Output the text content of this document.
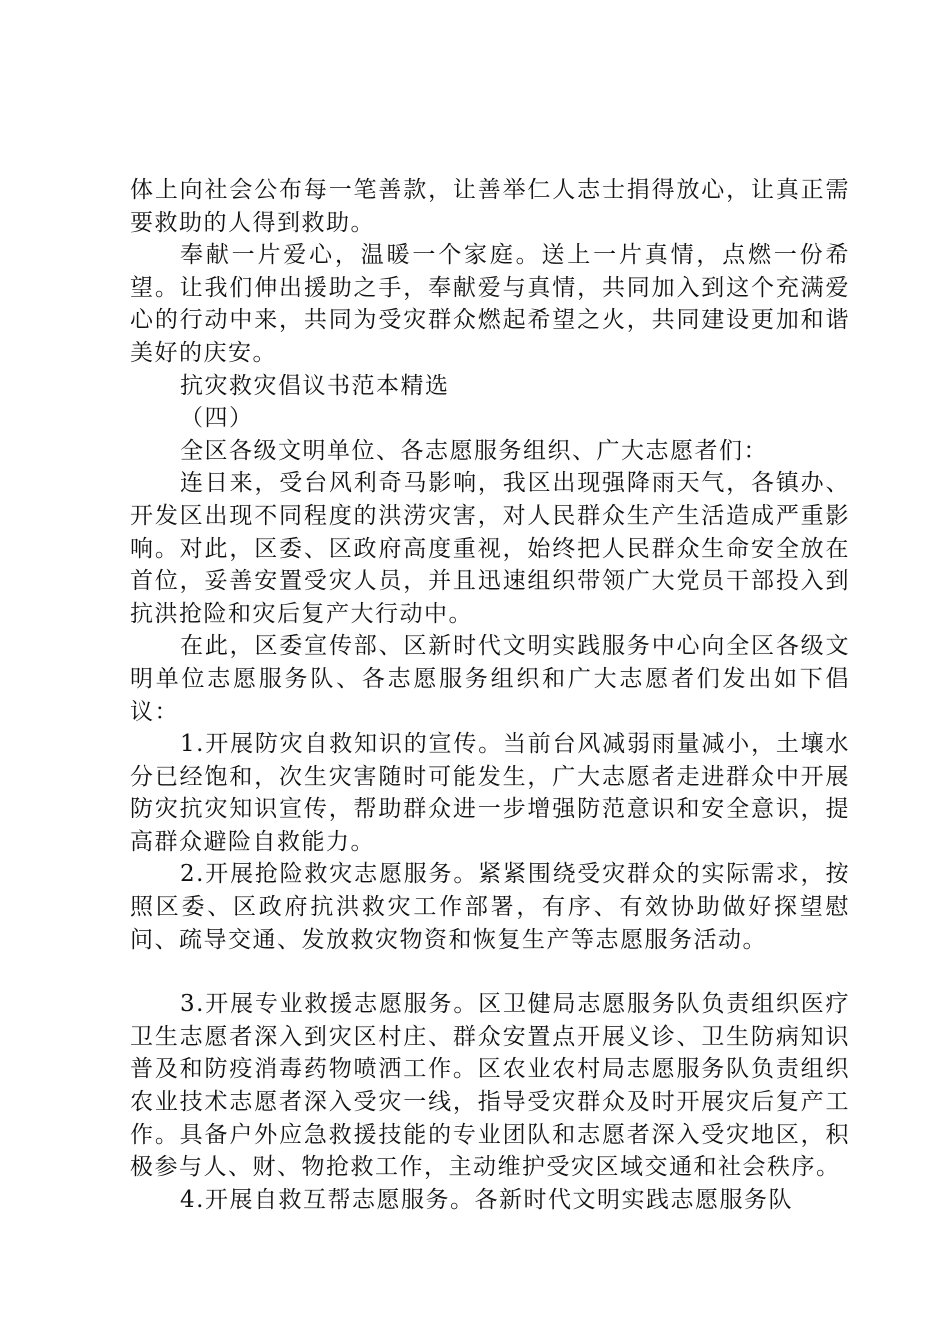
体上向社会公布每一笔善款，让善举仁人志士捐得放心，让真正需要救助的人得到救助。

奉献一片爱心，温暖一个家庭。送上一片真情，点燃一份希望。让我们伸出援助之手，奉献爱与真情，共同加入到这个充满爱心的行动中来，共同为受灾群众燃起希望之火，共同建设更加和谐美好的庆安。

抗灾救灾倡议书范本精选

（四）

全区各级文明单位、各志愿服务组织、广大志愿者们：

连日来，受台风利奇马影响，我区出现强降雨天气，各镇办、开发区出现不同程度的洪涝灾害，对人民群众生产生活造成严重影响。对此，区委、区政府高度重视，始终把人民群众生命安全放在首位，妥善安置受灾人员，并且迅速组织带领广大党员干部投入到抗洪抢险和灾后复产大行动中。

在此，区委宣传部、区新时代文明实践服务中心向全区各级文明单位志愿服务队、各志愿服务组织和广大志愿者们发出如下倡议：

1.开展防灾自救知识的宣传。当前台风减弱雨量减小，土壤水分已经饱和，次生灾害随时可能发生，广大志愿者走进群众中开展防灾抗灾知识宣传，帮助群众进一步增强防范意识和安全意识，提高群众避险自救能力。

2.开展抢险救灾志愿服务。紧紧围绕受灾群众的实际需求，按照区委、区政府抗洪救灾工作部署，有序、有效协助做好探望慰问、疏导交通、发放救灾物资和恢复生产等志愿服务活动。

3.开展专业救援志愿服务。区卫健局志愿服务队负责组织医疗卫生志愿者深入到灾区村庄、群众安置点开展义诊、卫生防病知识普及和防疫消毒药物喷洒工作。区农业农村局志愿服务队负责组织农业技术志愿者深入受灾一线，指导受灾群众及时开展灾后复产工作。具备户外应急救援技能的专业团队和志愿者深入受灾地区，积极参与人、财、物抢救工作，主动维护受灾区域交通和社会秩序。

4.开展自救互帮志愿服务。各新时代文明实践志愿服务队
